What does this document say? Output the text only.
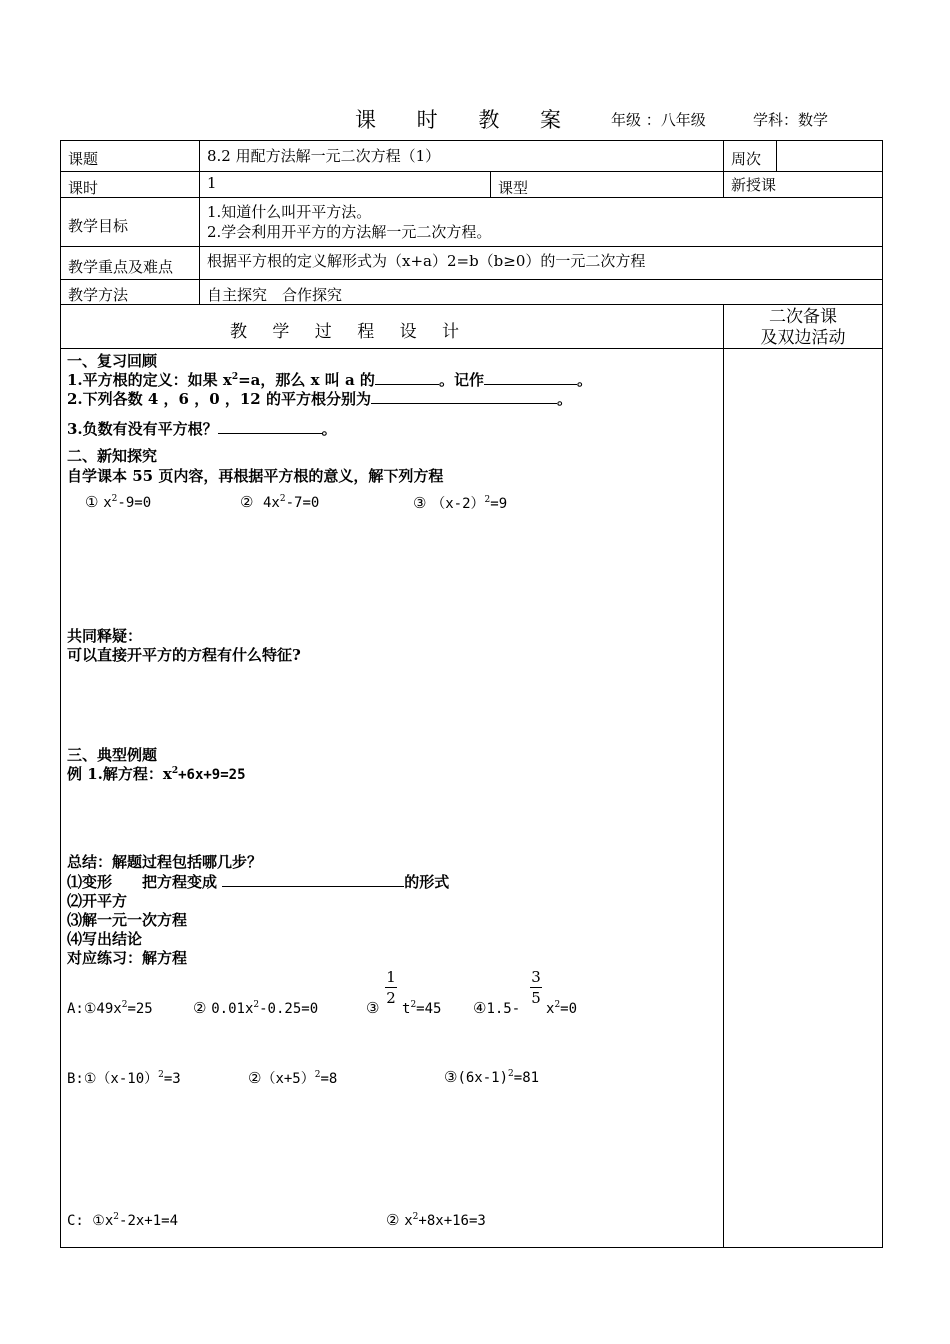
课 时 教 案 年级 ：八年级	学科：数学
课题	8.2 用配方法解一元二次方程（1）	周次
课时	1	课型	新授课
教学目标
1.知道什么叫开平方法。
2.学会利用开平方的方法解一元二次方程。
教学重点及难点 根据平方根的定义解形式为（x+a）2=b（b≥0）的一元二次方程
教学方法	自主探究　合作探究
教 学 过 程 设 计
二次备课
及双边活动
一、复习回顾
1.平方根的定义：如果 $x^2=a$，那么 x 叫 a 的	。记作	。
2.下列各数 4 ，6 ，0 ，12 的平方根分别为	。
3.负数有没有平方根？	。
二、新知探究
自学课本 55 页内容，再根据平方根的意义，解下列方程
① $x^2-9=0$	② $4x^2-7=0$	③ $(x-2)^2=9$
共同释疑：
可以直接开平方的方程有什么特征?
三、典型例题
例 1.解方程：$x^2+6x+9=25$
总结：解题过程包括哪几步？
⑴变形　　把方程变成	的形式
⑵开平方
⑶解一元一次方程
⑷写出结论
对应练习：解方程
$A:①49x^2=25$	② $0.01x^2-0.25=0$	③
1
2
$t^2=45$ ④1.5-
3
5
$x^2=0$
$B:①(x-10)^2=3$	$②(x+5)^2=8$	$③(6x-1)^2=81$
C: $①x^2-2x+1=4$	② $x^2+8x+16=3$
